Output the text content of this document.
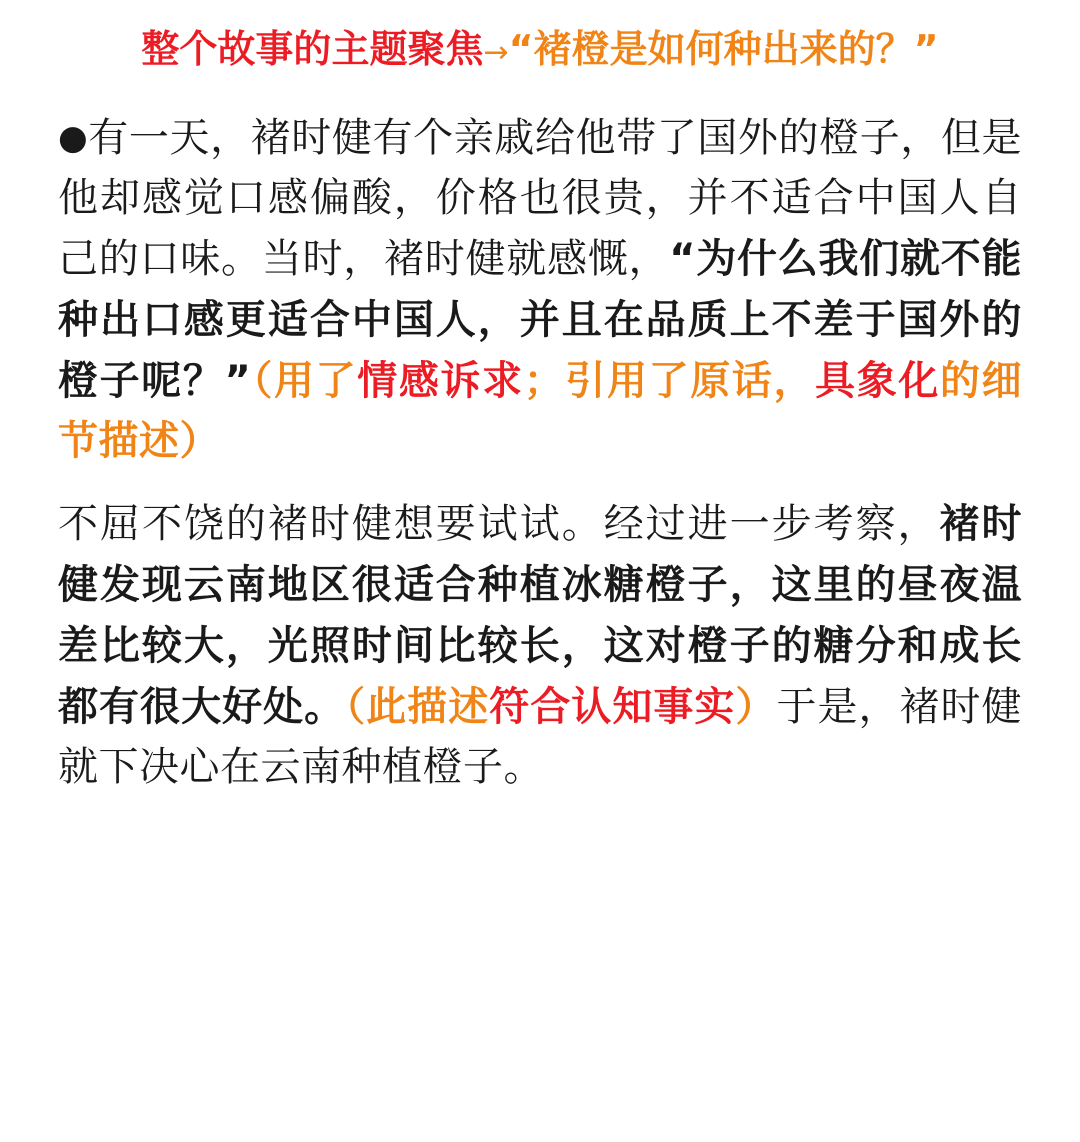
整个故事的主题聚焦→“褚橙是如何种出来的？”

●有一天，褚时健有个亲戚给他带了国外的橙子，但是他却感觉口感偏酸，价格也很贵，并不适合中国人自己的口味。当时，褚时健就感慨，“为什么我们就不能种出口感更适合中国人，并且在品质上不差于国外的橙子呢？”（用了情感诉求；引用了原话，具象化的细节描述）

不屈不饶的褚时健想要试试。经过进一步考察，褚时健发现云南地区很适合种植冰糖橙子，这里的昼夜温差比较大，光照时间比较长，这对橙子的糖分和成长都有很大好处。（此描述符合认知事实）于是，褚时健就下决心在云南种植橙子。
